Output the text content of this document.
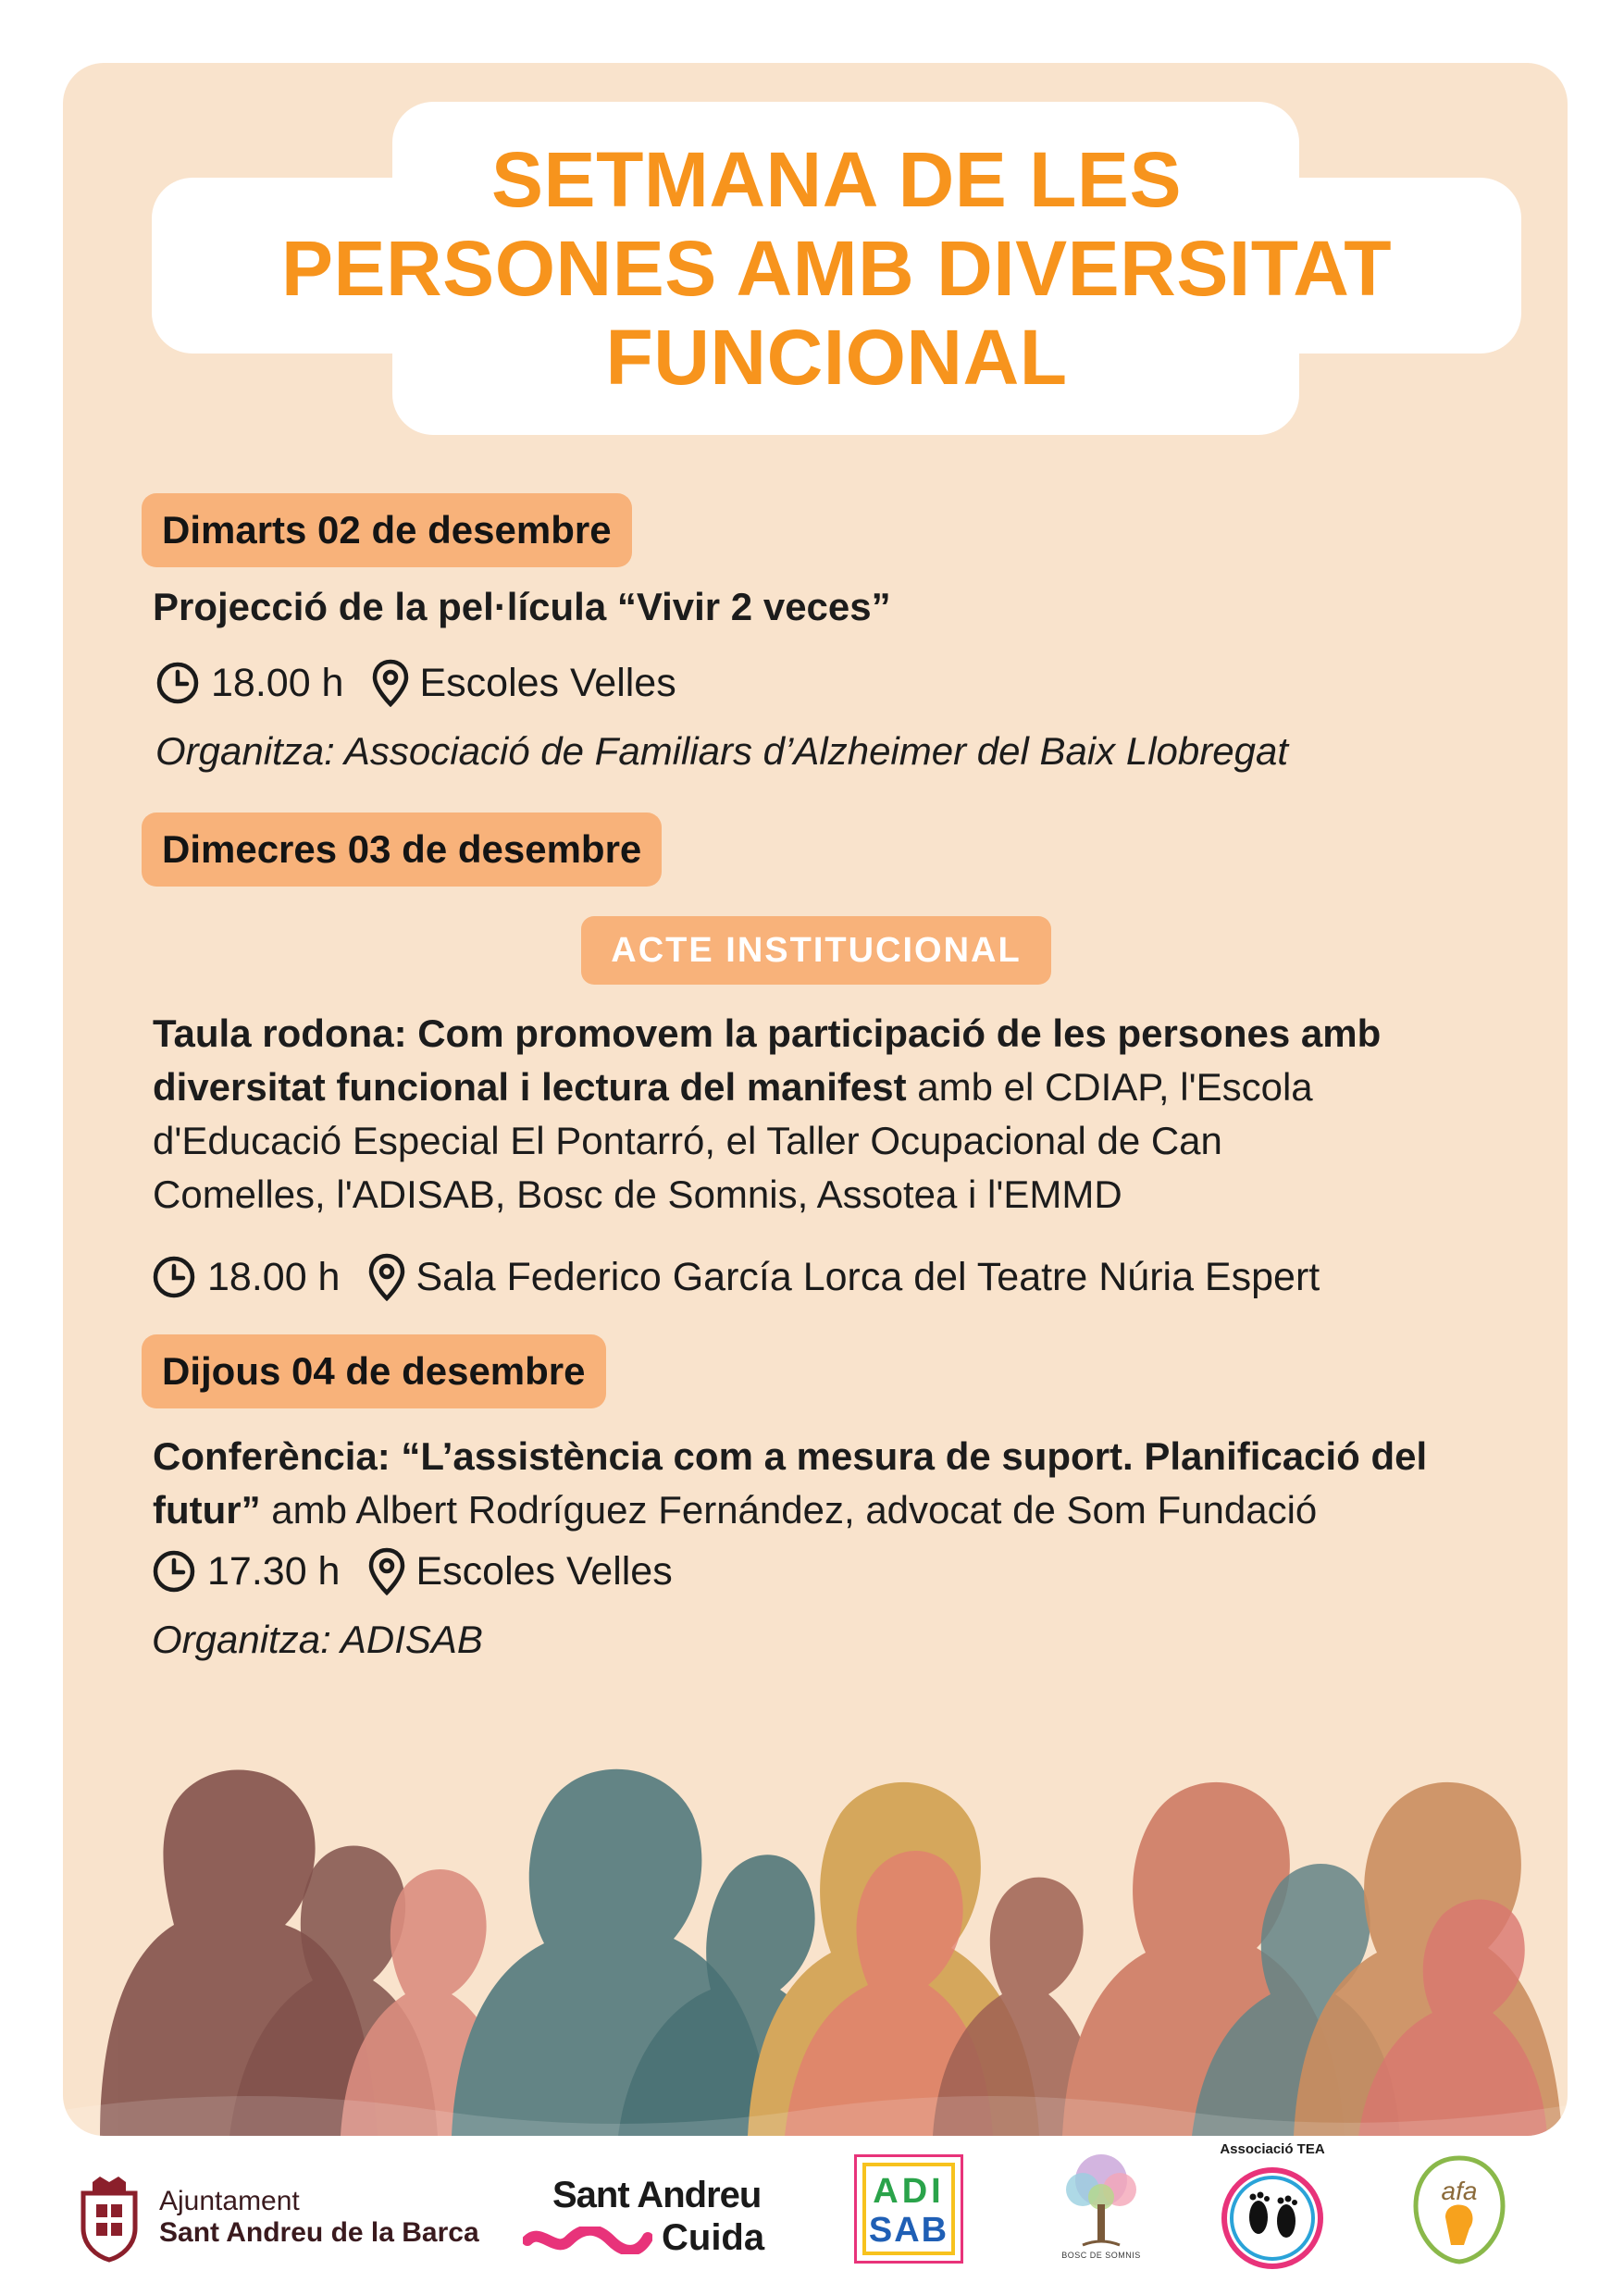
SETMANA DE LES
PERSONES AMB DIVERSITAT
FUNCIONAL
Dimarts 02 de desembre
Projecció de la pel·lícula “Vivir 2 veces”
18.00 h Escoles Velles
Organitza: Associació de Familiars d’Alzheimer del Baix Llobregat
Dimecres 03 de desembre
ACTE INSTITUCIONAL
Taula rodona: Com promovem la participació de les persones amb
diversitat funcional i lectura del manifest amb el CDIAP, l'Escola
d'Educació Especial El Pontarró, el Taller Ocupacional de Can
Comelles, l'ADISAB, Bosc de Somnis, Assotea i l'EMMD
18.00 h Sala Federico García Lorca del Teatre Núria Espert
Dijous 04 de desembre
Conferència: “L’assistència com a mesura de suport. Planificació del
futur” amb Albert Rodríguez Fernández, advocat de Som Fundació
17.30 h Escoles Velles
Organitza: ADISAB
Ajuntament
Sant Andreu de la Barca
Sant Andreu
Cuida
ADI
SAB
BOSC DE SOMNIS
Associació TEA
afa
